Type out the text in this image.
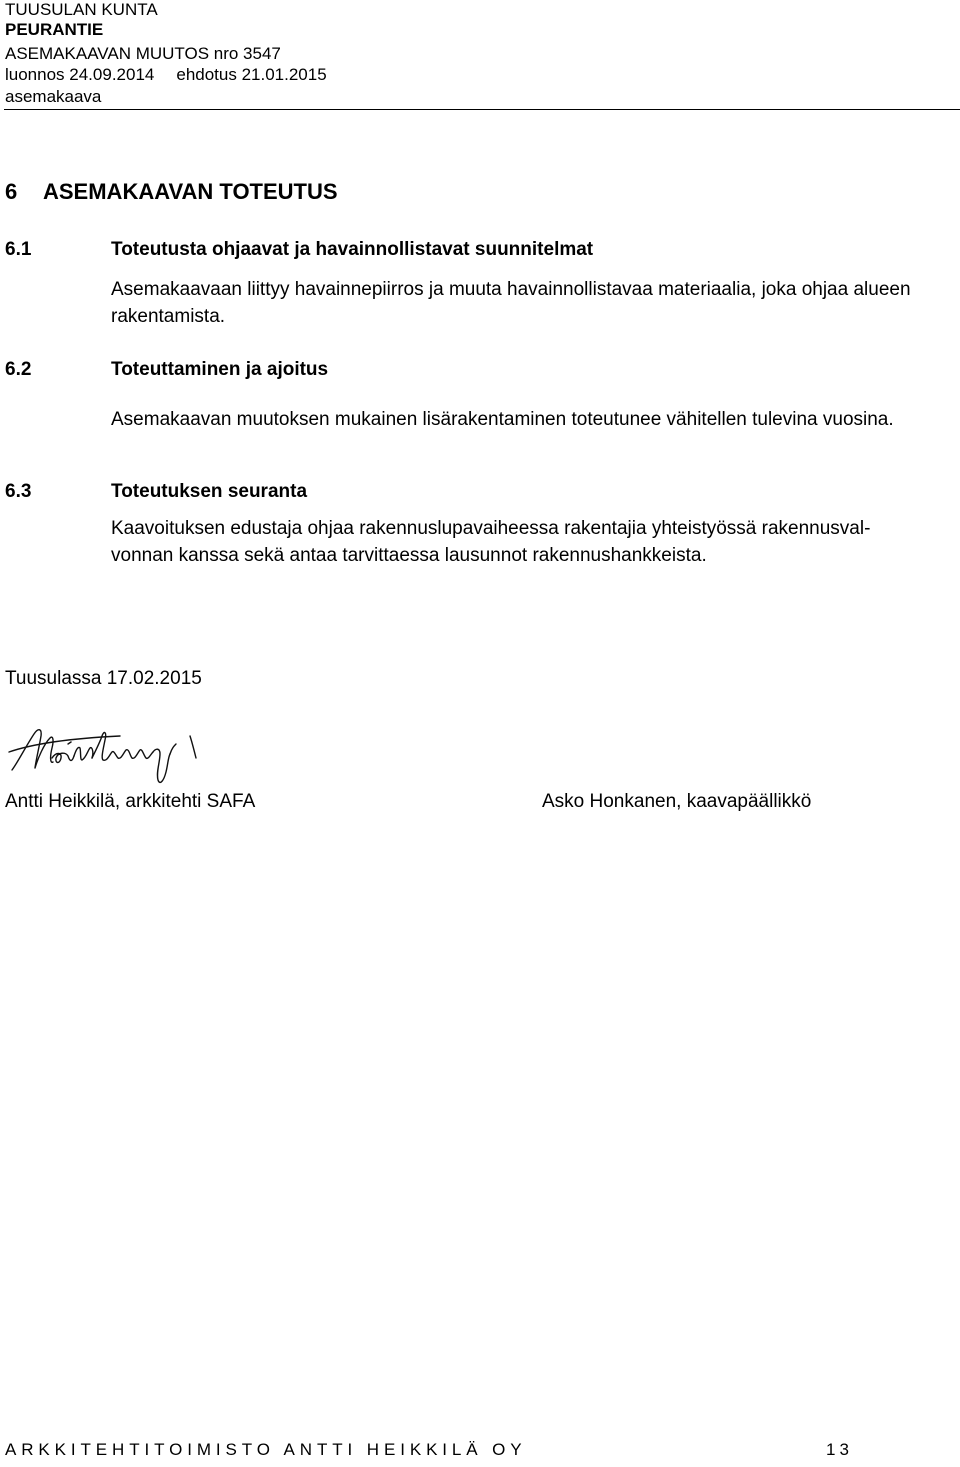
TUUSULAN KUNTA
PEURANTIE
ASEMAKAAVAN MUUTOS nro 3547
luonnos 24.09.2014 ehdotus 21.01.2015
asemakaava
6 ASEMAKAAVAN TOTEUTUS
6.1	Toteutusta ohjaavat ja havainnollistavat suunnitelmat
Asemakaavaan liittyy havainnepiirros ja muuta havainnollistavaa materiaalia, joka ohjaa alueen rakentamista.
6.2	Toteuttaminen ja ajoitus
Asemakaavan muutoksen mukainen lisärakentaminen toteutunee vähitellen tulevina vuosina.
6.3	Toteutuksen seuranta
Kaavoituksen edustaja ohjaa rakennuslupavaiheessa rakentajia yhteistyössä rakennusval-
vonnan kanssa sekä antaa tarvittaessa lausunnot rakennushankkeista.
Tuusulassa 17.02.2015
Antti Heikkilä, arkkitehti SAFA	Asko Honkanen, kaavapäällikkö
ARKKITEHTITOIMISTO ANTTI HEIKKILÄ OY	13
